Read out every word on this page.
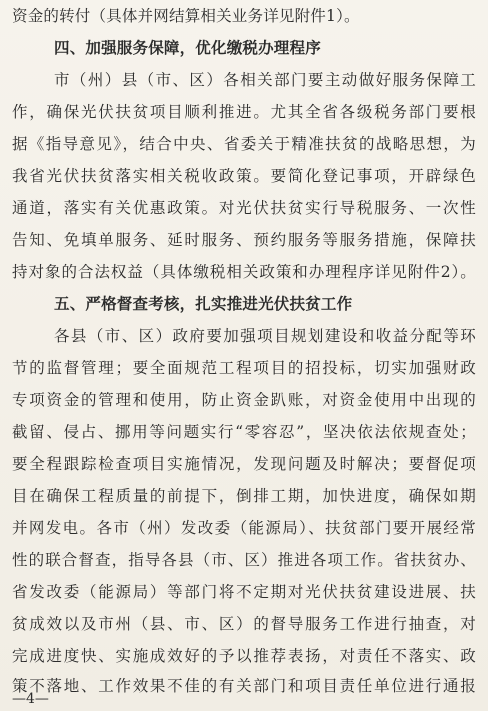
资金的转付（具体并网结算相关业务详见附件1）。
四、加强服务保障，优化缴税办理程序
市（州）县（市、区）各相关部门要主动做好服务保障工
作，确保光伏扶贫项目顺利推进。尤其全省各级税务部门要根
据《指导意见》，结合中央、省委关于精准扶贫的战略思想，为
我省光伏扶贫落实相关税收政策。要简化登记事项，开辟绿色
通道，落实有关优惠政策。对光伏扶贫实行导税服务、一次性
告知、免填单服务、延时服务、预约服务等服务措施，保障扶
持对象的合法权益（具体缴税相关政策和办理程序详见附件2）。
五、严格督查考核，扎实推进光伏扶贫工作
各县（市、区）政府要加强项目规划建设和收益分配等环
节的监督管理；要全面规范工程项目的招投标，切实加强财政
专项资金的管理和使用，防止资金趴账，对资金使用中出现的
截留、侵占、挪用等问题实行“零容忍”，坚决依法依规查处；
要全程跟踪检查项目实施情况，发现问题及时解决；要督促项
目在确保工程质量的前提下，倒排工期，加快进度，确保如期
并网发电。各市（州）发改委（能源局）、扶贫部门要开展经常
性的联合督查，指导各县（市、区）推进各项工作。省扶贫办、
省发改委（能源局）等部门将不定期对光伏扶贫建设进展、扶
贫成效以及市州（县、市、区）的督导服务工作进行抽查，对
完成进度快、实施成效好的予以推荐表扬，对责任不落实、政
策不落地、工作效果不佳的有关部门和项目责任单位进行通报
—4—
